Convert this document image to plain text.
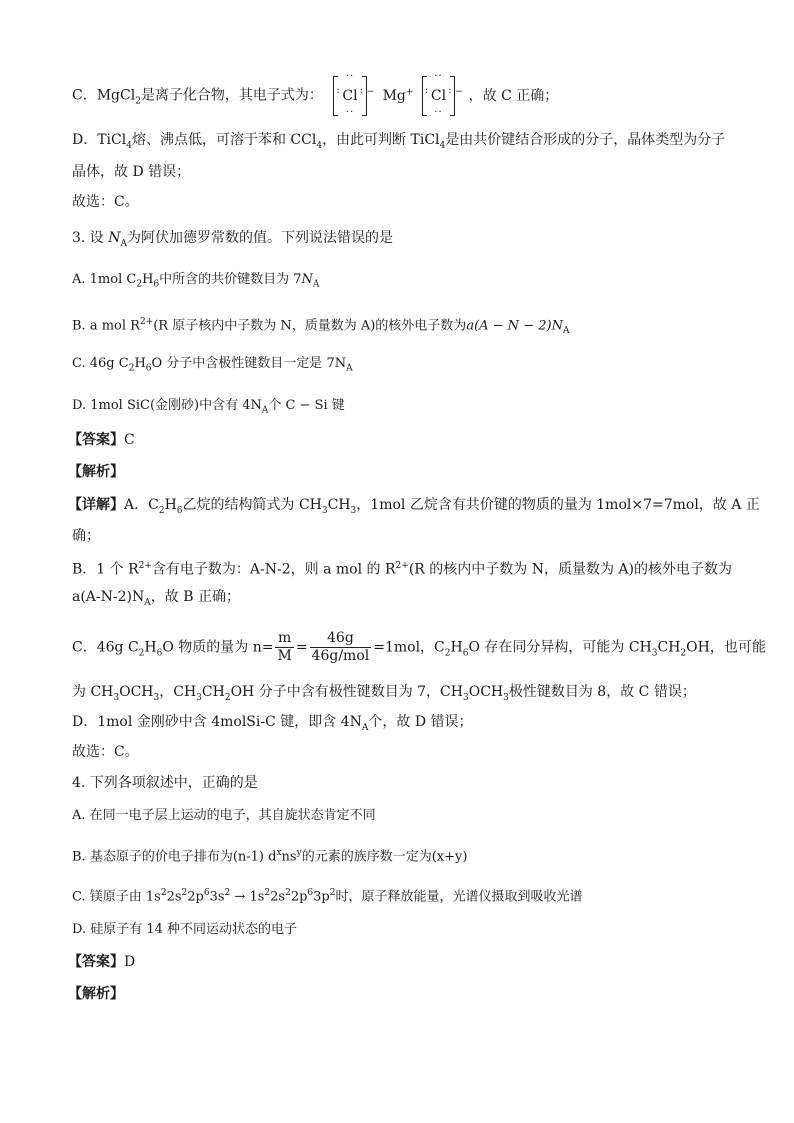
C．MgCl$_2$是离子化合物，其电子式为：
··
: Cl :
··
− Mg+
··
: Cl :
··
− ，故 C 正确；
D．TiCl$_4$熔、沸点低，可溶于苯和 CCl$_4$，由此可判断 TiCl$_4$是由共价键结合形成的分子，晶体类型为分子
晶体，故 D 错误；
故选：C。
3. 设 $N_A$为阿伏加德罗常数的值。下列说法错误的是
A. 1mol $C_2H_6$中所含的共价键数目为 $7N_A$
B. a mol $R^{2+}(R$ 原子核内中子数为 N，质量数为 A)的核外电子数为$a(A - N - 2)N_A$
C. 46g $C_2H_6O$ 分子中含极性键数目一定是 $7N_A$
D. 1mol SiC(金刚砂)中含有 $4N_A$个 C − Si 键
【答案】C
【解析】
【详解】A．$C_2H_6$乙烷的结构简式为 $CH_3CH_3$，1mol 乙烷含有共价键的物质的量为 1mol×7=7mol，故 A 正
确；
B．1 个 $R^{2+}$含有电子数为：A-N-2，则 a mol 的 $R^{2+}(R$ 的核内中子数为 N，质量数为 A)的核外电子数为
$a(A-N-2)N_A$，故 B 正确；
C．46g $C_2H_6O$ 物质的量为 $n= \frac{m}{M} = \frac{46g}{\text{46g/mol}} =1mol$，$C_2H_6O$ 存在同分异构，可能为 $CH_3CH_2OH$，也可能
为 $CH_3OCH_3$，$CH_3CH_2OH$ 分子中含有极性键数目为 7，$CH_3OCH_3$极性键数目为 8，故 C 错误；
D．1mol 金刚砂中含 4molSi-C 键，即含 $4N_A$个，故 D 错误；
故选：C。
4. 下列各项叙述中，正确的是
A. 在同一电子层上运动的电子，其自旋状态肯定不同
B. 基态原子的价电子排布为(n-1) $d^xns^y$的元素的族序数一定为(x+y)
C. 镁原子由 $1s^22s^22p^63s^2 \to 1s^22s^22p^63p^2$时，原子释放能量，光谱仪摄取到吸收光谱
D. 硅原子有 14 种不同运动状态的电子
【答案】D
【解析】
